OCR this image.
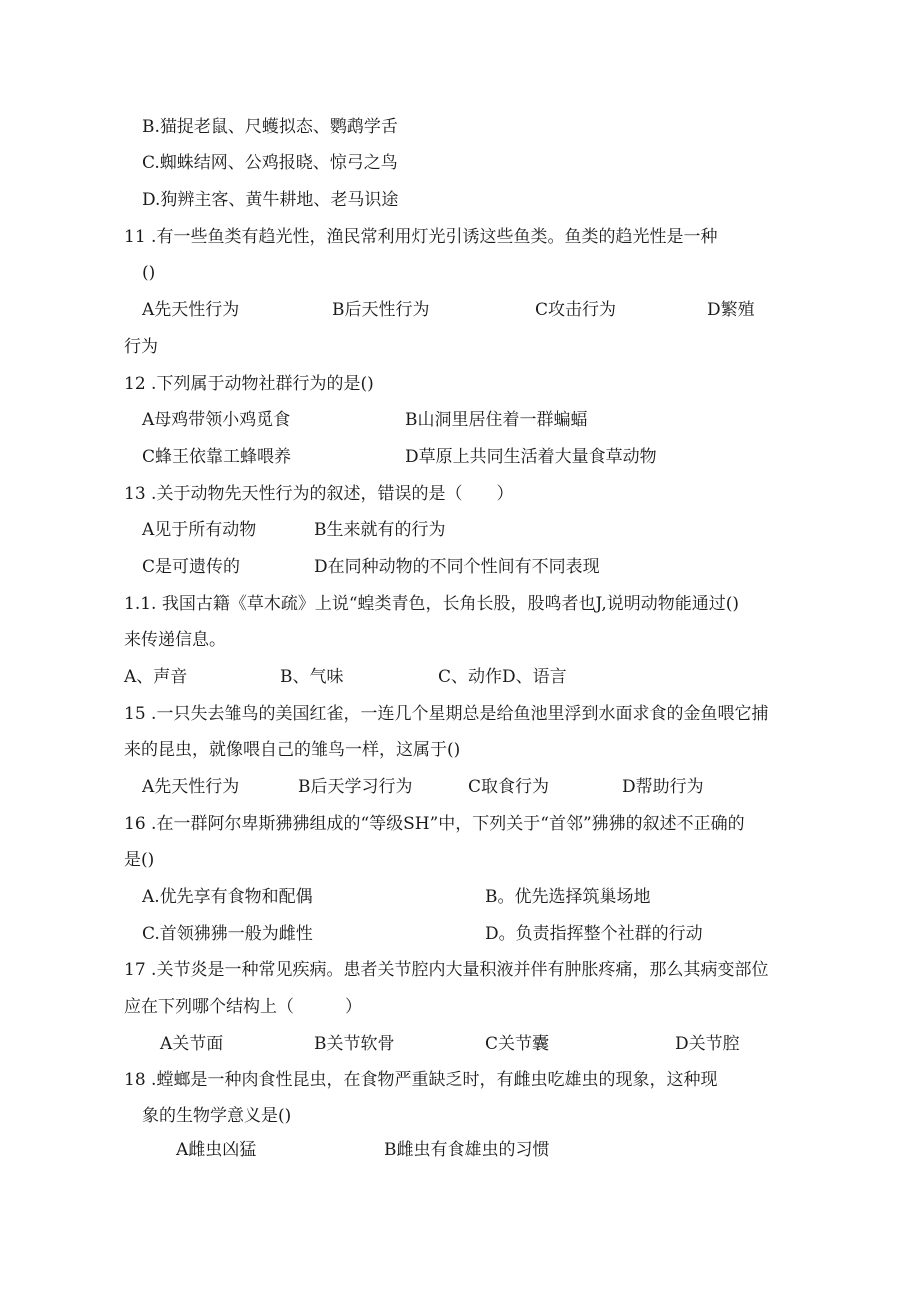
B.猫捉老鼠、尺蠖拟态、鹦鹉学舌
C.蜘蛛结网、公鸡报晓、惊弓之鸟
D.狗辨主客、黄牛耕地、老马识途
11 .有一些鱼类有趋光性，渔民常利用灯光引诱这些鱼类。鱼类的趋光性是一种
()
A先天性行为	B后天性行为	C攻击行为	D繁殖
行为
12 .下列属于动物社群行为的是()
A母鸡带领小鸡觅食	B山洞里居住着一群蝙蝠
C蜂王依靠工蜂喂养	D草原上共同生活着大量食草动物
13 .关于动物先天性行为的叙述，错误的是（　　）
A见于所有动物	B生来就有的行为
C是可遗传的	D在同种动物的不同个性间有不同表现
1.1. 我国古籍《草木疏》上说“蝗类青色，长角长股，股鸣者也J,说明动物能通过()
来传递信息。
A、声音	B、气味	C、动作D、语言
15 .一只失去雏鸟的美国红雀，一连几个星期总是给鱼池里浮到水面求食的金鱼喂它捕
来的昆虫，就像喂自己的雏鸟一样，这属于()
A先天性行为	B后天学习行为	C取食行为	D帮助行为
16 .在一群阿尔卑斯狒狒组成的“等级SH”中，下列关于“首邻”狒狒的叙述不正确的
是()
A.优先享有食物和配偶	B。优先选择筑巢场地
C.首领狒狒一般为雌性	D。负责指挥整个社群的行动
17 .关节炎是一种常见疾病。患者关节腔内大量积液并伴有肿胀疼痛，那么其病变部位
应在下列哪个结构上（　　　）
A关节面	B关节软骨	C关节囊	D关节腔
18 .螳螂是一种肉食性昆虫，在食物严重缺乏时，有雌虫吃雄虫的现象，这种现
象的生物学意义是()
A雌虫凶猛	B雌虫有食雄虫的习惯
